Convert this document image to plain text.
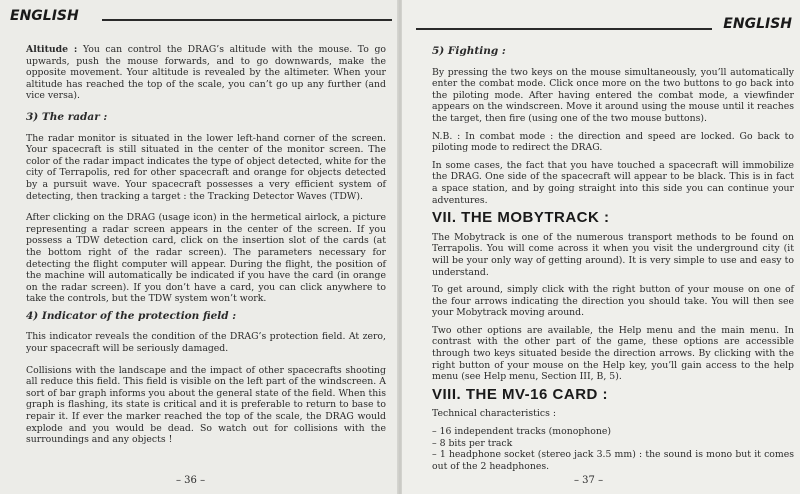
ENGLISH

Altitude : You can control the DRAG’s altitude with the mouse. To go upwards, push the mouse forwards, and to go downwards, make the opposite movement. Your altitude is revealed by the altimeter. When your altitude has reached the top of the scale, you can’t go up any further (and vice versa).

3) The radar :

The radar monitor is situated in the lower left-hand corner of the screen. Your spacecraft is still situated in the center of the monitor screen. The color of the radar impact indicates the type of object detected, white for the city of Terrapolis, red for other spacecraft and orange for objects detected by a pursuit wave. Your spacecraft possesses a very efficient system of detecting, then tracking a target : the Tracking Detector Waves (TDW).

After clicking on the DRAG (usage icon) in the hermetical airlock, a picture representing a radar screen appears in the center of the screen. If you possess a TDW detection card, click on the insertion slot of the cards (at the bottom right of the radar screen). The parameters necessary for detecting the flight computer will appear. During the flight, the position of the machine will automatically be indicated if you have the card (in orange on the radar screen). If you don’t have a card, you can click anywhere to take the controls, but the TDW system won’t work.

4) Indicator of the protection field :

This indicator reveals the condition of the DRAG’s protection field. At zero, your spacecraft will be seriously damaged.

Collisions with the landscape and the impact of other spacecrafts shooting all reduce this field. This field is visible on the left part of the windscreen. A sort of bar graph informs you about the general state of the field. When this graph is flashing, its state is critical and it is preferable to return to base to repair it. If ever the marker reached the top of the scale, the DRAG would explode and you would be dead. So watch out for collisions with the surroundings and any objects !

– 36 –
ENGLISH
5) Fighting :

By pressing the two keys on the mouse simultaneously, you’ll automatically enter the combat mode. Click once more on the two buttons to go back into the piloting mode. After having entered the combat mode, a viewfinder appears on the windscreen. Move it around using the mouse until it reaches the target, then fire (using one of the two mouse buttons).

N.B. : In combat mode : the direction and speed are locked. Go back to piloting mode to redirect the DRAG.

In some cases, the fact that you have touched a spacecraft will immobilize the DRAG. One side of the spacecraft will appear to be black. This is in fact a space station, and by going straight into this side you can continue your adventures.

VII. THE MOBYTRACK :

The Mobytrack is one of the numerous transport methods to be found on Terrapolis. You will come across it when you visit the underground city (it will be your only way of getting around). It is very simple to use and easy to understand.

To get around, simply click with the right button of your mouse on one of the four arrows indicating the direction you should take. You will then see your Mobytrack moving around.

Two other options are available, the Help menu and the main menu. In contrast with the other part of the game, these options are accessible through two keys situated beside the direction arrows. By clicking with the right button of your mouse on the Help key, you’ll gain access to the help menu (see Help menu, Section III, B, 5).

VIII. THE MV-16 CARD :

Technical characteristics :

– 16 independent tracks (monophone)
– 8 bits per track
– 1 headphone socket (stereo jack 3.5 mm) : the sound is mono but it comes out of the 2 headphones.
– 37 –
